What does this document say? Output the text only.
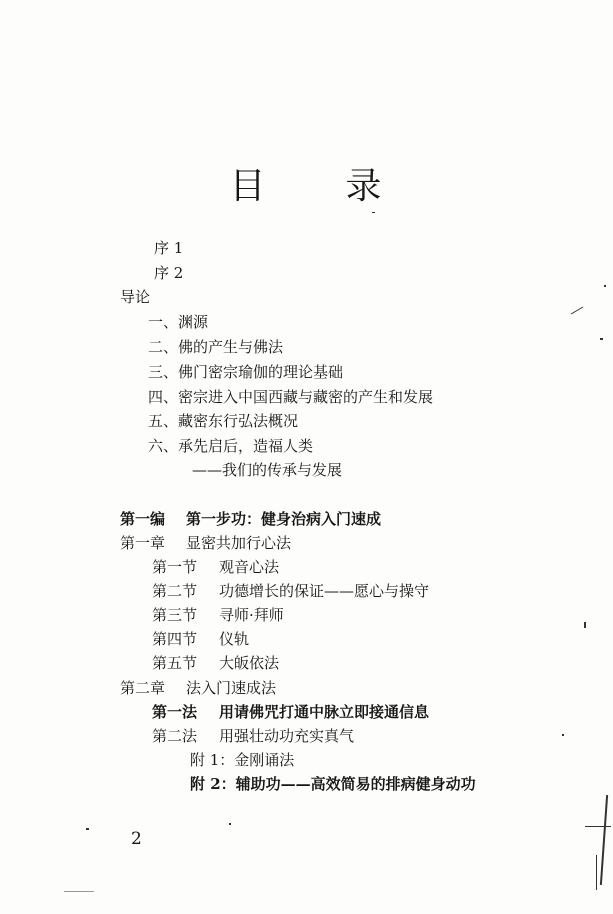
目 录
序 1
序 2
导论
一、渊源
二、佛的产生与佛法
三、佛门密宗瑜伽的理论基础
四、密宗进入中国西藏与藏密的产生和发展
五、藏密东行弘法概况
六、承先启后，造福人类
——我们的传承与发展
第一编 第一步功：健身治病入门速成
第一章 显密共加行心法
第一节 观音心法
第二节 功德增长的保证——愿心与操守
第三节 寻师·拜师
第四节 仪轨
第五节 大皈依法
第二章 法入门速成法
第一法 用请佛咒打通中脉立即接通信息
第二法 用强壮动功充实真气
附 1：金刚诵法
附 2：辅助功——高效简易的排病健身动功
2
